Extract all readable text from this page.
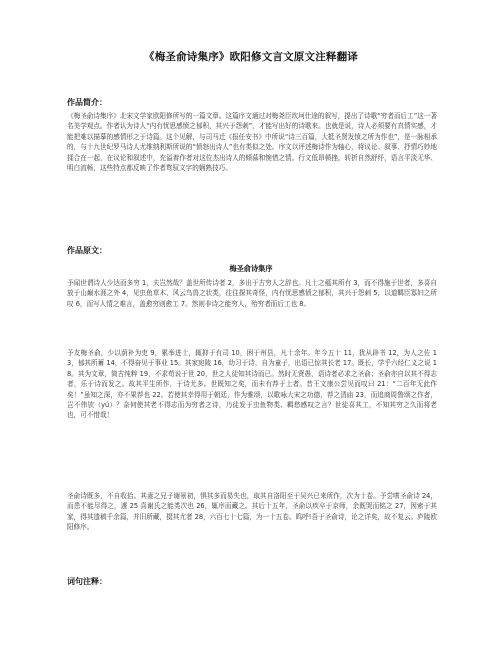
《梅圣俞诗集序》欧阳修文言文原文注释翻译
作品简介：
《梅圣俞诗集序》北宋文学家欧阳修所写的一篇文章。这篇序文通过对梅尧臣坎坷仕途的叙写，提出了诗歌“穷者而后工”这一著名美学观点。作者认为诗人“内有忧思感愤之郁积，其兴于怨刺”，才能写出好的诗歌来。也就是说，诗人必须要有真情实感，才能把难以描摹的感情形之于诗篇。这个见解，与司马迁《报任安书》中所说“诗三百篇，大抵圣贤发愤之所为作也”，是一脉相承的，与十九世纪罗马诗人尤维纳利斯所说的“愤怒出诗人”也有类似之处。序文以评述梅诗作为轴心，将议论、叙事、抒情巧妙地揉合在一起，在议论和叙述中，充溢着作者对这位杰出诗人的倾慕和惋惜之情。行文低昂顿挫，转折自然舒纾，语言平淡无华、明白流畅，这些特点都反映了作者骛驭文字的娴熟技巧。
作品原文：
梅圣俞诗集序
予闻世谓诗人少达而多穷 1，夫岂然哉？盖世所传诗者 2，多出于古穷人之辞也。凡士之蕴其所有 3，而不得施于世者，多喜自放于山巅水涯之外 4，见虫鱼草木、风云鸟兽之状类，往往探其奇怪，内有忧思感愤之郁积，其兴于怨刺 5，以道羁臣寡妇之所叹 6，而写人情之难言，盖愈穷则愈工 7。然则非诗之能穷人，殆穷者而后工也 8。
予友梅圣俞，少以荫补为吏 9，累举进士，辄抑于有司 10，困于州县，凡十余年。年今五十 11，犹从辟书 12，为人之佐 13，郁其所蓄 14，不得奋见于事业 15。其家宛陵 16，幼习于诗，自为童子，出语已惊其长老 17。既长，学乎六经仁义之说 18。其为文章，简古纯粹 19，不求苟说于世 20，世之人徒知其诗而已。然时无贤愚，语诗者必求之圣俞；圣俞亦自以其不得志者，乐于诗而发之。故其平生所作，于诗尤多。世既知之矣，而未有荐于上者。昔王文康公尝见而叹曰 21：“二百年无此作矣！”虽知之深，亦不果荐也 22。若使其幸得用于朝廷，作为雅颂，以歌咏大宋之功德，荐之清庙 23，而追商周鲁颂之作者，岂不伟欤（yú）？奈何使其老不得志而为穷者之诗，乃徒发于虫鱼物类、羁愁感叹之言？世徒喜其工，不知其穷之久而将老也，可不惜哉！
圣俞诗既多，不自收拾。其妻之兄子谢景初，惧其多而易失也，取其自洛阳至于吴兴已来所作，次为十卷。予尝嗜圣俞诗 24，而患不能尽得之，遽 25 喜谢氏之能类次也 26，辄序而藏之。其后十五年，圣俞以疾卒于京师，余既哭而铭之 27，因索于其家，得其遗稿千余篇，并旧所藏，掇其尤者 28，六百七十七篇，为一十五卷。呜呼!吾于圣俞诗，论之详矣，故不复云。庐陵欧阳修序。
词句注释：
